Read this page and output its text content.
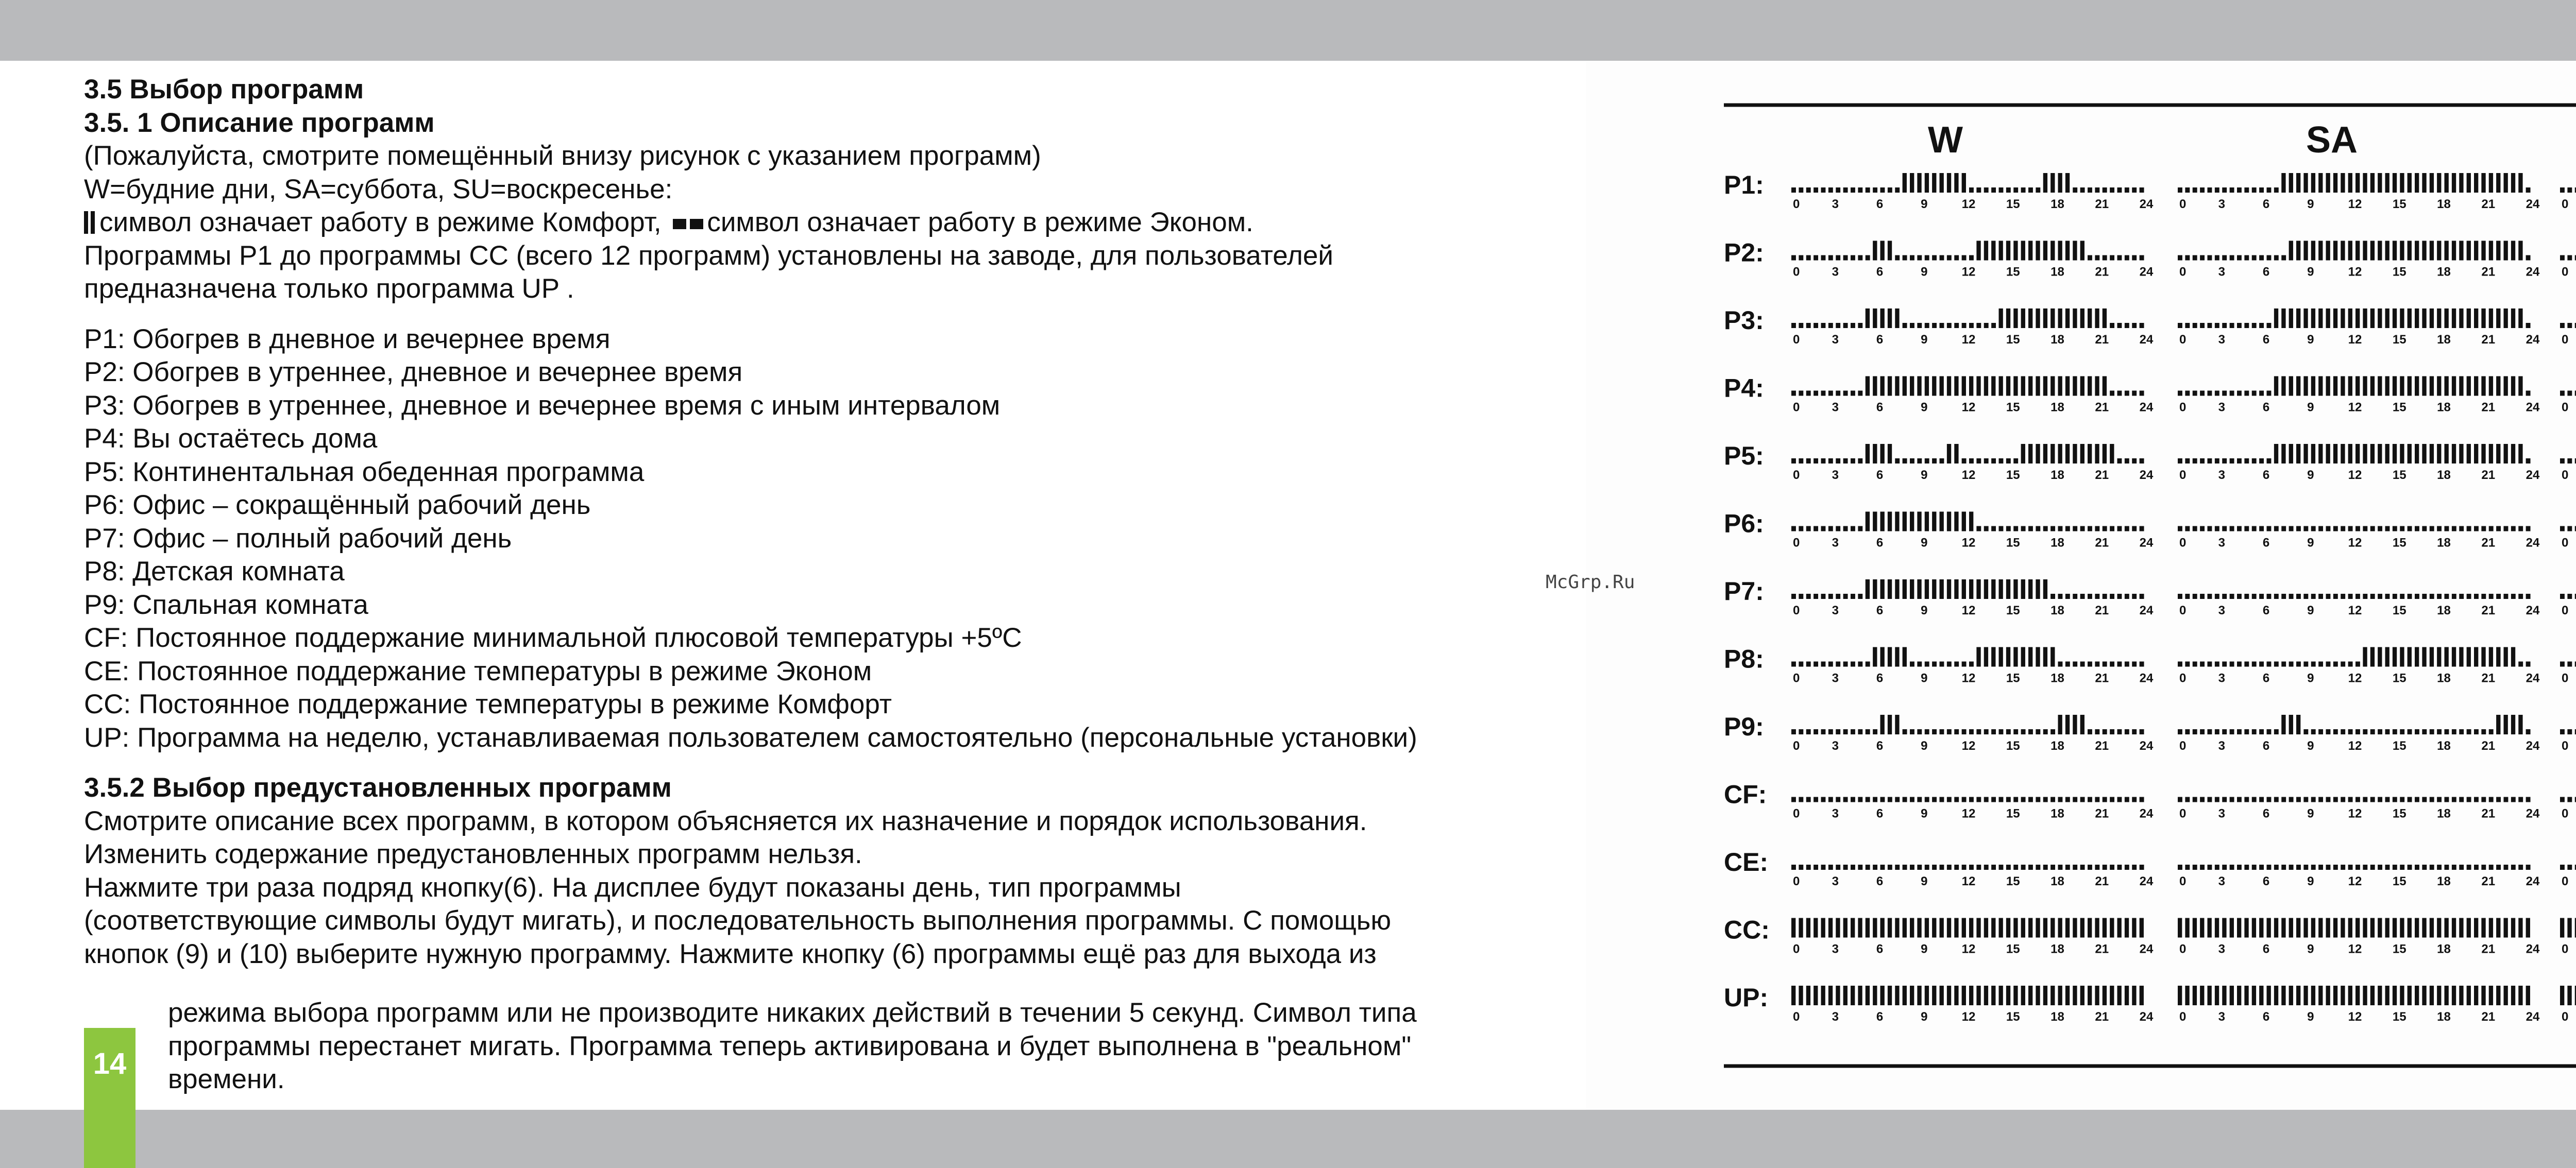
3.5 Выбор программ

3.5. 1 Описание программ

(Пожалуйста, смотрите помещённый внизу рисунок с указанием программ)

W=будние дни, SA=суббота, SU=воскресенье:

символ означает работу в режиме Комфорт, символ означает работу в режиме Эконом.

Программы Р1 до программы СС (всего 12 программ) установлены на заводе, для пользователей

предназначена только программа UP .

Р1: Обогрев в дневное и вечернее время

Р2: Обогрев в утреннее, дневное и вечернее время

Р3: Обогрев в утреннее, дневное и вечернее время с иным интервалом

Р4: Вы остаётесь дома

Р5: Континентальная обеденная программа

Р6: Офис – сокращённый рабочий день

Р7: Офис – полный рабочий день

Р8: Детская комната

Р9: Спальная комната

CF: Постоянное поддержание минимальной плюсовой температуры +5ºС

CE: Постоянное поддержание температуры в режиме Эконом

CC: Постоянное поддержание температуры в режиме Комфорт

UP: Программа на неделю, устанавливаемая пользователем самостоятельно (персональные установки)

3.5.2 Выбор предустановленных программ

Смотрите описание всех программ, в котором объясняется их назначение и порядок использования.

Изменить содержание предустановленных программ нельзя.

Нажмите три раза подряд кнопку(6). На дисплее будут показаны день, тип программы

(соответствующие символы будут мигать), и последовательность выполнения программы. С помощью

кнопок (9) и (10) выберите нужную программу. Нажмите кнопку (6) программы ещё раз для выхода из

режима выбора программ или не производите никаких действий в течении 5 секунд. Символ типа

программы перестанет мигать. Программа теперь активирована и будет выполнена в "реальном"

времени.

14
McGrp.Ru
W	SA
P1:
0	3	6	9	12 15 18 21 24 0	3	6	9	12 15 18 21 24 0
P2:
0	3	6	9	12 15 18 21 24 0	3	6	9	12 15 18 21 24 0
P3:
0	3	6	9	12 15 18 21 24 0	3	6	9	12 15 18 21 24 0
P4:
0	3	6	9	12 15 18 21 24 0	3	6	9	12 15 18 21 24 0
P5:
0	3	6	9	12 15 18 21 24 0	3	6	9	12 15 18 21 24 0
P6:
0	3	6	9	12 15 18 21 24 0	3	6	9	12 15 18 21 24 0
P7:
0	3	6	9	12 15 18 21 24 0	3	6	9	12 15 18 21 24 0
P8:
0	3	6	9	12 15 18 21 24 0	3	6	9	12 15 18 21 24 0
P9:
0	3	6	9	12 15 18 21 24 0	3	6	9	12 15 18 21 24 0
CF:
0	3	6	9	12 15 18 21 24 0	3	6	9	12 15 18 21 24 0
CE:
0	3	6	9	12 15 18 21 24 0	3	6	9	12 15 18 21 24 0
CC:
0	3	6	9	12 15 18 21 24 0	3	6	9	12 15 18 21 24 0
UP:
0	3	6	9	12 15 18 21 24 0	3	6	9	12 15 18 21 24 0
